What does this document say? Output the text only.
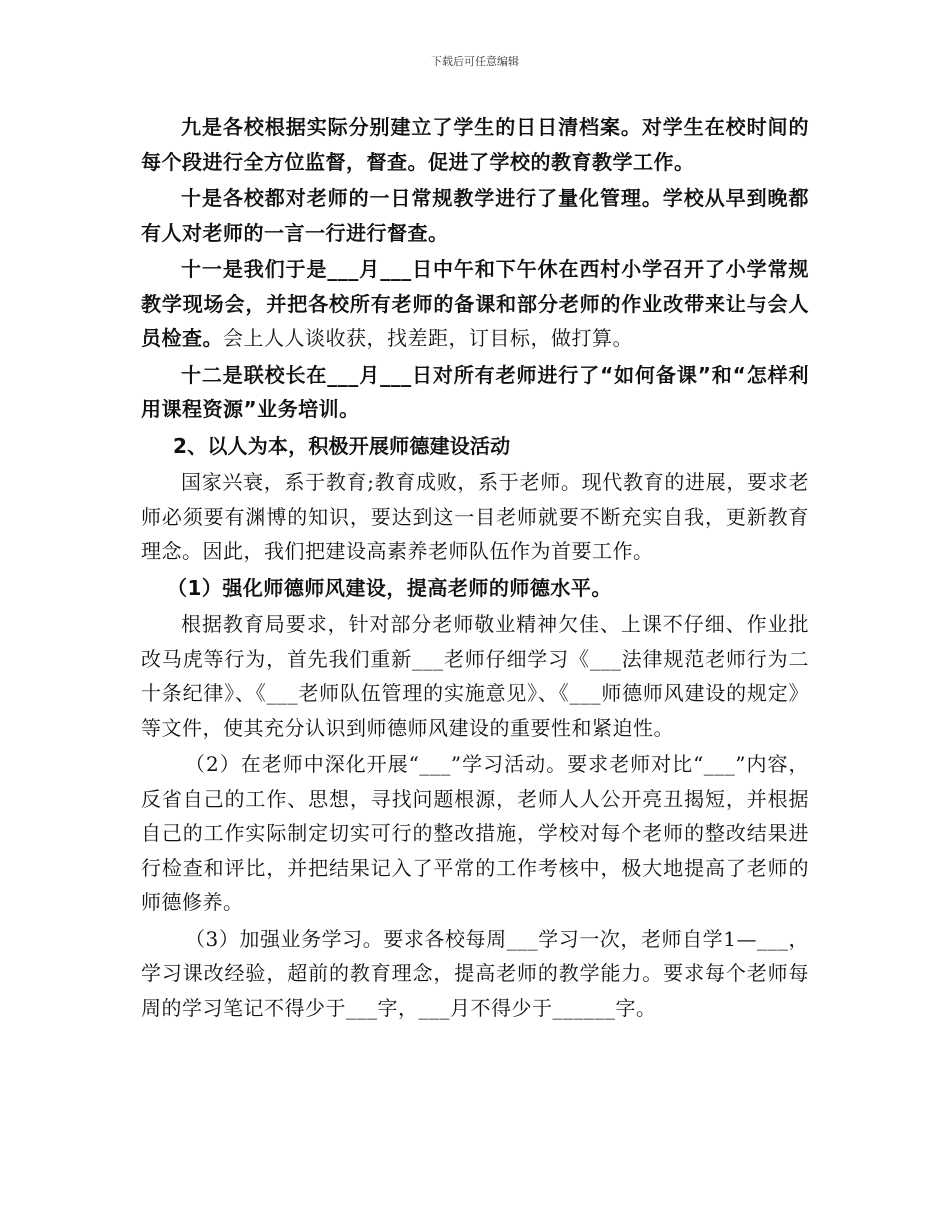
下载后可任意编辑

九是各校根据实际分别建立了学生的日日清档案。对学生在校时间的每个段进行全方位监督，督查。促进了学校的教育教学工作。

十是各校都对老师的一日常规教学进行了量化管理。学校从早到晚都有人对老师的一言一行进行督查。

十一是我们于是___月___日中午和下午休在西村小学召开了小学常规教学现场会，并把各校所有老师的备课和部分老师的作业改带来让与会人员检查。会上人人谈收获，找差距，订目标，做打算。

十二是联校长在___月___日对所有老师进行了“如何备课”和“怎样利用课程资源”业务培训。

2、以人为本，积极开展师德建设活动

国家兴衰，系于教育;教育成败，系于老师。现代教育的进展，要求老师必须要有渊博的知识，要达到这一目老师就要不断充实自我，更新教育理念。因此，我们把建设高素养老师队伍作为首要工作。

（1）强化师德师风建设，提高老师的师德水平。

根据教育局要求，针对部分老师敬业精神欠佳、上课不仔细、作业批改马虎等行为，首先我们重新___老师仔细学习《___法律规范老师行为二十条纪律》、《___老师队伍管理的实施意见》、《___师德师风建设的规定》等文件，使其充分认识到师德师风建设的重要性和紧迫性。

（2）在老师中深化开展“___”学习活动。要求老师对比“___”内容，反省自己的工作、思想，寻找问题根源，老师人人公开亮丑揭短，并根据自己的工作实际制定切实可行的整改措施，学校对每个老师的整改结果进行检查和评比，并把结果记入了平常的工作考核中，极大地提高了老师的师德修养。

（3）加强业务学习。要求各校每周___学习一次，老师自学1—___，学习课改经验，超前的教育理念，提高老师的教学能力。要求每个老师每周的学习笔记不得少于___字，___月不得少于______字。
